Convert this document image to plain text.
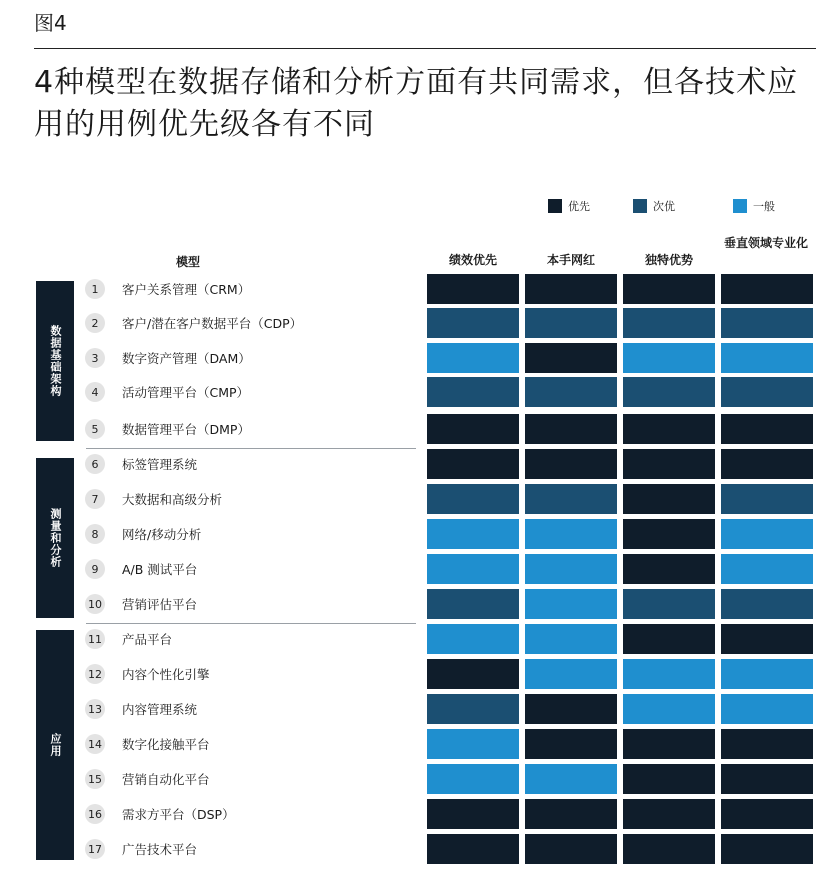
图4
4种模型在数据存储和分析方面有共同需求，但各技术应
用的用例优先级各有不同
优先	次优	一般
模型	绩效优先	本手网红	独特优势
垂直领域专业化
数据基础架构
测量和分析
应用
1	客户关系管理（CRM）
2	客户/潜在客户数据平台（CDP）
3	数字资产管理（DAM）
4	活动管理平台（CMP）
5	数据管理平台（DMP）
6	标签管理系统
7	大数据和高级分析
8	网络/移动分析
9	A/B 测试平台
10 营销评估平台
11 产品平台
12 内容个性化引擎
13 内容管理系统
14 数字化接触平台
15 营销自动化平台
16 需求方平台（DSP）
17 广告技术平台
